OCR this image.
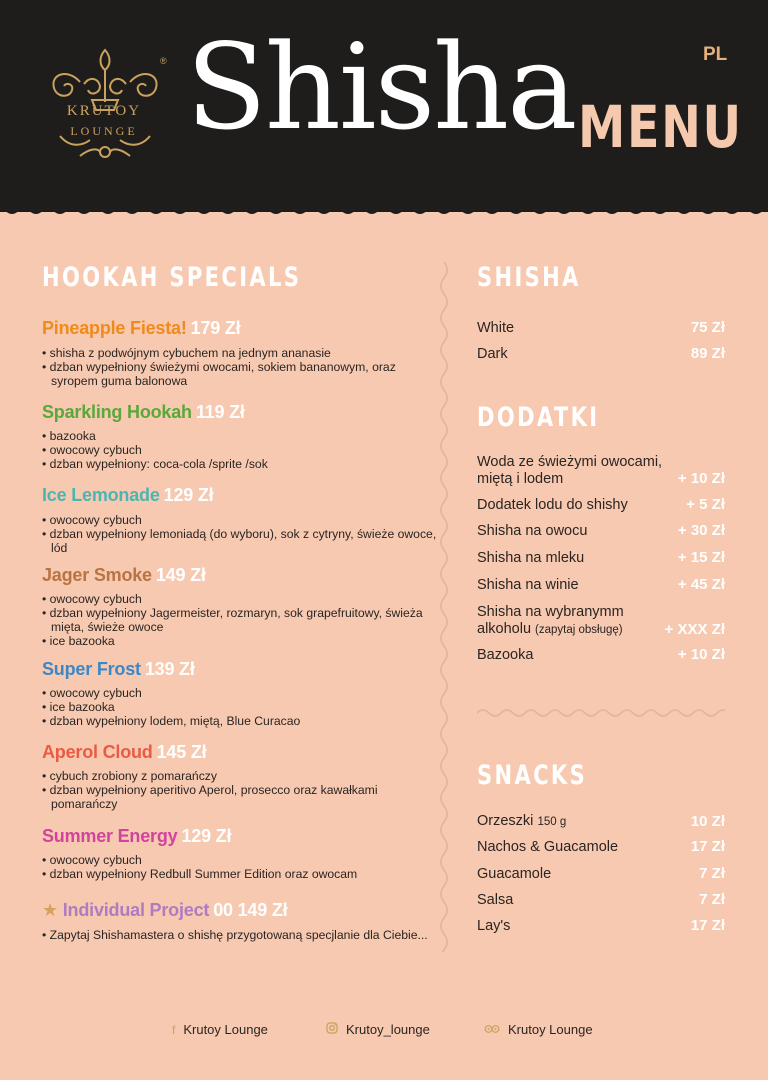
KRUTOY
LOUNGE
® Shisha MENU
PL
HOOKAH SPECIALS
Pineapple Fiesta! 179 Zł
• shisha z podwójnym cybuchem na jednym ananasie
• dzban wypełniony świeżymi owocami, sokiem bananowym, oraz syropem guma balonowa
Sparkling Hookah 119 Zł
• bazooka
• owocowy cybuch
• dzban wypełniony: coca-cola /sprite /sok
Ice Lemonade 129 Zł
• owocowy cybuch
• dzban wypełniony lemoniadą (do wyboru), sok z cytryny, świeże owoce, lód
Jager Smoke 149 Zł
• owocowy cybuch
• dzban wypełniony Jagermeister, rozmaryn, sok grapefruitowy, świeża mięta, świeże owoce
• ice bazooka
Super Frost 139 Zł
• owocowy cybuch
• ice bazooka
• dzban wypełniony lodem, miętą, Blue Curacao
Aperol Cloud 145 Zł
• cybuch zrobiony z pomarańczy
• dzban wypełniony aperitivo Aperol, prosecco oraz kawałkami pomarańczy
Summer Energy 129 Zł
• owocowy cybuch
• dzban wypełniony Redbull Summer Edition oraz owocam
★ Individual Project 00 149 Zł
• Zapytaj Shishamastera o shishę przygotowaną specjlanie dla Ciebie...
SHISHA
White	75 Zł
Dark	89 Zł
DODATKI
Woda ze świeżymi owocami, miętą i lodem	+ 10 Zł
Dodatek lodu do shishy	+ 5 Zł
Shisha na owocu	+ 30 Zł
Shisha na mleku	+ 15 Zł
Shisha na winie	+ 45 Zł
Shisha na wybranymm alkoholu (zapytaj obsługę)	+ XXX Zł
Bazooka	+ 10 Zł
SNACKS
Orzeszki 150 g	10 Zł
Nachos & Guacamole	17 Zł
Guacamole	7 Zł
Salsa	7 Zł
Lay's	17 Zł
f Krutoy Lounge	Krutoy_lounge	Krutoy Lounge
